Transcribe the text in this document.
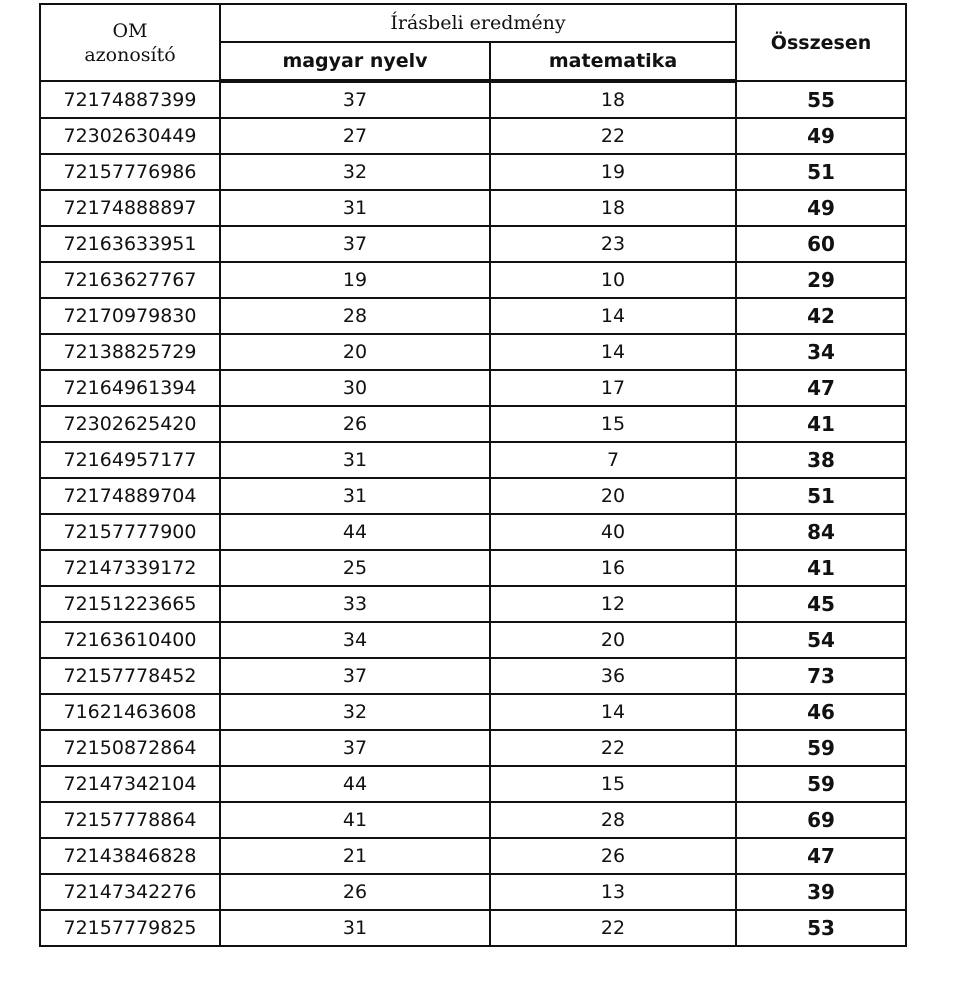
OM
azonosító	Írásbeli eredmény		Összesen
	magyar nyelv	matematika	
72174887399	37	18	55
72302630449	27	22	49
72157776986	32	19	51
72174888897	31	18	49
72163633951	37	23	60
72163627767	19	10	29
72170979830	28	14	42
72138825729	20	14	34
72164961394	30	17	47
72302625420	26	15	41
72164957177	31	7	38
72174889704	31	20	51
72157777900	44	40	84
72147339172	25	16	41
72151223665	33	12	45
72163610400	34	20	54
72157778452	37	36	73
71621463608	32	14	46
72150872864	37	22	59
72147342104	44	15	59
72157778864	41	28	69
72143846828	21	26	47
72147342276	26	13	39
72157779825	31	22	53
